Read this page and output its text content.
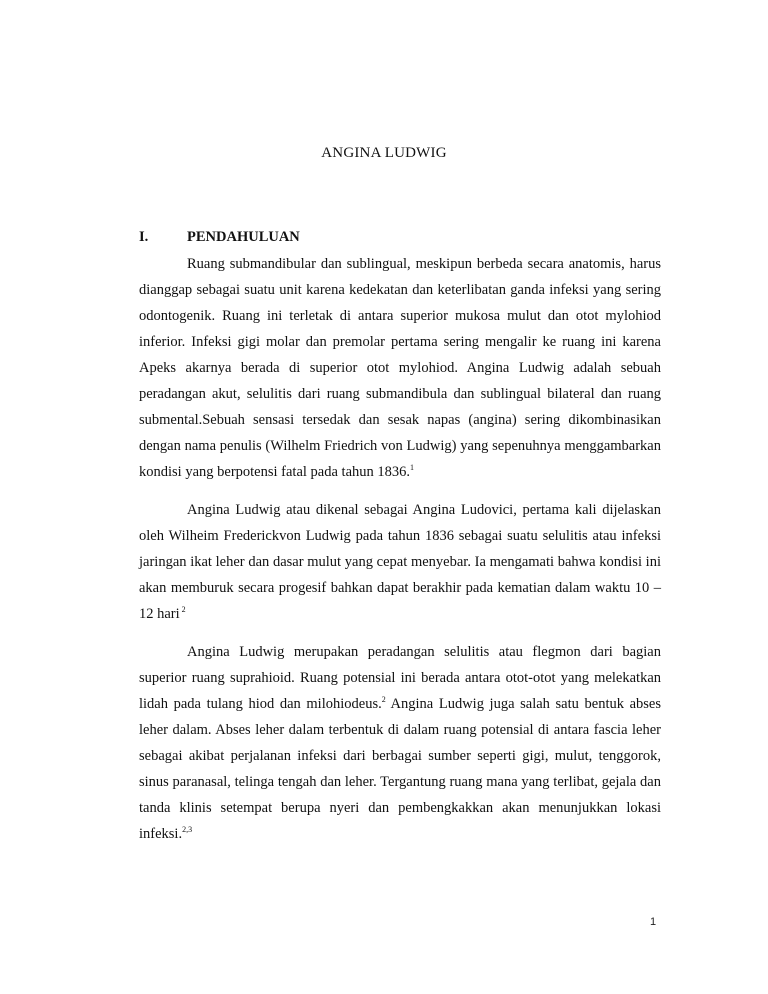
ANGINA LUDWIG
I.	PENDAHULUAN

Ruang submandibular dan sublingual, meskipun berbeda secara anatomis, harus dianggap sebagai suatu unit karena kedekatan dan keterlibatan ganda infeksi yang sering odontogenik. Ruang ini terletak di antara superior mukosa mulut dan otot mylohiod inferior. Infeksi gigi molar dan premolar pertama sering mengalir ke ruang ini karena Apeks akarnya berada di superior otot mylohiod. Angina Ludwig adalah sebuah peradangan akut, selulitis dari ruang submandibula dan sublingual bilateral dan ruang submental.Sebuah sensasi tersedak dan sesak napas (angina) sering dikombinasikan dengan nama penulis (Wilhelm Friedrich von Ludwig) yang sepenuhnya menggambarkan kondisi yang berpotensi fatal pada tahun 1836.$^1$

Angina Ludwig atau dikenal sebagai Angina Ludovici, pertama kali dijelaskan oleh Wilheim Frederickvon Ludwig pada tahun 1836 sebagai suatu selulitis atau infeksi jaringan ikat leher dan dasar mulut yang cepat menyebar. Ia mengamati bahwa kondisi ini akan memburuk secara progesif bahkan dapat berakhir pada kematian dalam waktu 10 – 12 hari $^2$

Angina Ludwig merupakan peradangan selulitis atau flegmon dari bagian superior ruang suprahioid. Ruang potensial ini berada antara otot-otot yang melekatkan lidah pada tulang hiod dan milohiodeus.$^2$ Angina Ludwig juga salah satu bentuk abses leher dalam. Abses leher dalam terbentuk di dalam ruang potensial di antara fascia leher sebagai akibat perjalanan infeksi dari berbagai sumber seperti gigi, mulut, tenggorok, sinus paranasal, telinga tengah dan leher. Tergantung ruang mana yang terlibat, gejala dan tanda klinis setempat berupa nyeri dan pembengkakkan akan menunjukkan lokasi infeksi.$^{2,3}$

1
